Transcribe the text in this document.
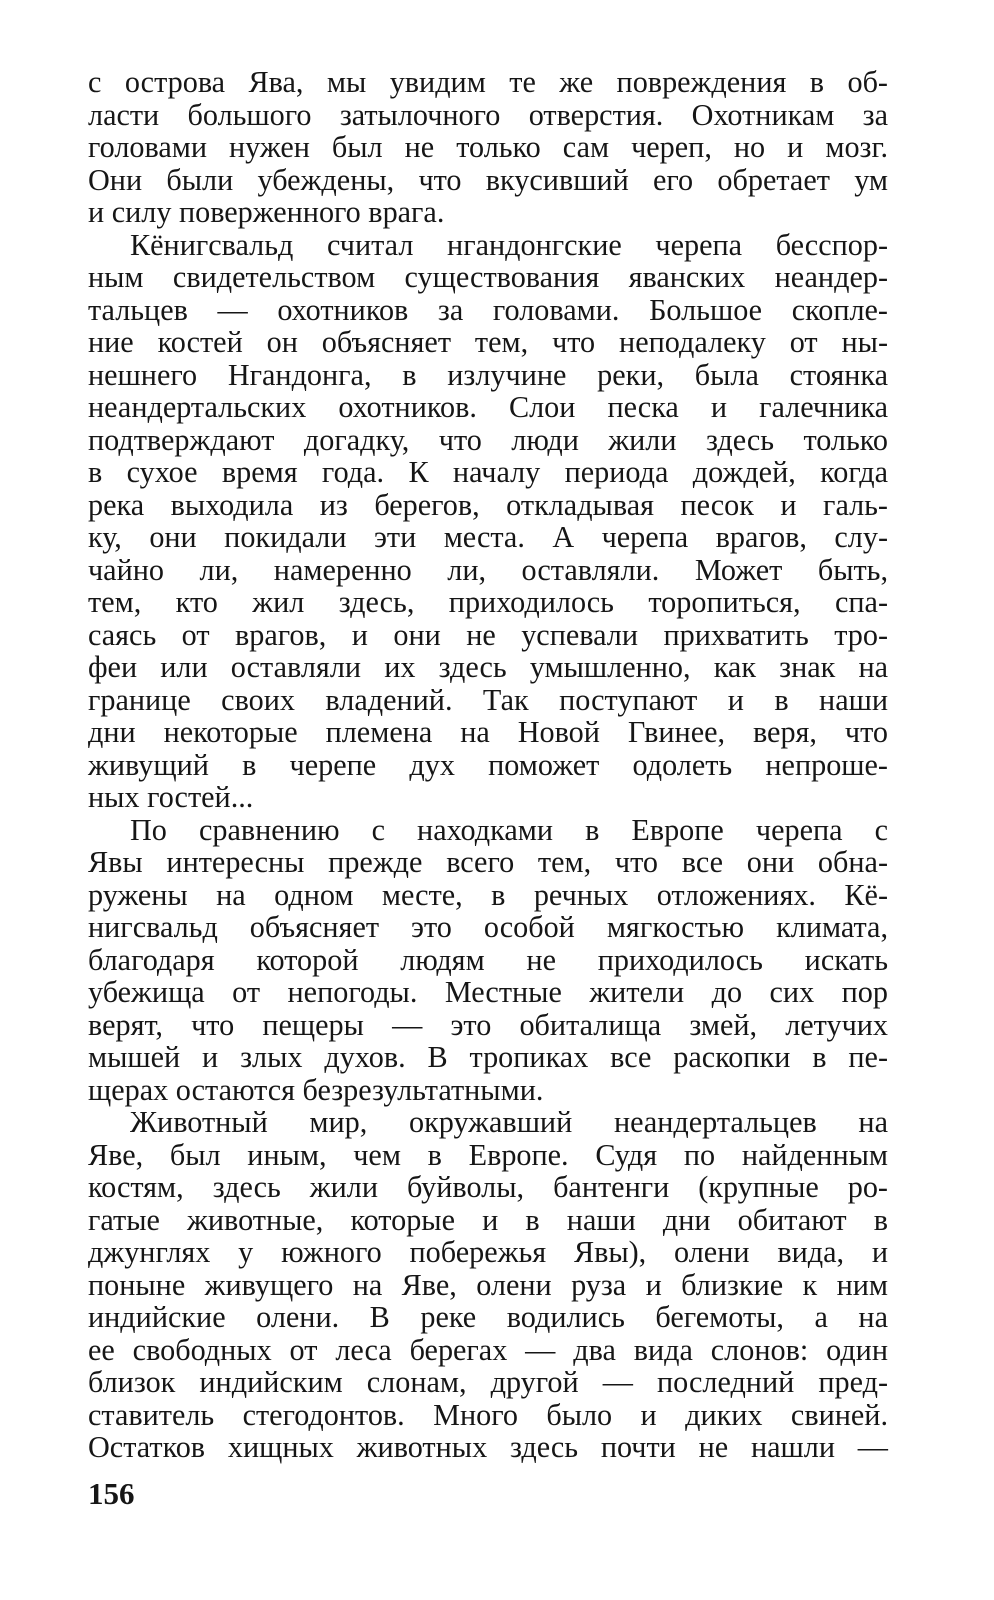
с острова Ява, мы увидим те же повреждения в об-
ласти большого затылочного отверстия. Охотникам за
головами нужен был не только сам череп, но и мозг.
Они были убеждены, что вкусивший его обретает ум
и силу поверженного врага.
Кёнигсвальд считал нгандонгские черепа бесспор-
ным свидетельством существования яванских неандер-
тальцев — охотников за головами. Большое скопле-
ние костей он объясняет тем, что неподалеку от ны-
нешнего Нгандонга, в излучине реки, была стоянка
неандертальских охотников. Слои песка и галечника
подтверждают догадку, что люди жили здесь только
в сухое время года. К началу периода дождей, когда
река выходила из берегов, откладывая песок и галь-
ку, они покидали эти места. А черепа врагов, слу-
чайно ли, намеренно ли, оставляли. Может быть,
тем, кто жил здесь, приходилось торопиться, спа-
саясь от врагов, и они не успевали прихватить тро-
феи или оставляли их здесь умышленно, как знак на
границе своих владений. Так поступают и в наши
дни некоторые племена на Новой Гвинее, веря, что
живущий в черепе дух поможет одолеть непроше-
ных гостей...
По сравнению с находками в Европе черепа с
Явы интересны прежде всего тем, что все они обна-
ружены на одном месте, в речных отложениях. Кё-
нигсвальд объясняет это особой мягкостью климата,
благодаря которой людям не приходилось искать
убежища от непогоды. Местные жители до сих пор
верят, что пещеры — это обиталища змей, летучих
мышей и злых духов. В тропиках все раскопки в пе-
щерах остаются безрезультатными.
Животный мир, окружавший неандертальцев на
Яве, был иным, чем в Европе. Судя по найденным
костям, здесь жили буйволы, бантенги (крупные ро-
гатые животные, которые и в наши дни обитают в
джунглях у южного побережья Явы), олени вида, и
поныне живущего на Яве, олени руза и близкие к ним
индийские олени. В реке водились бегемоты, а на
ее свободных от леса берегах — два вида слонов: один
близок индийским слонам, другой — последний пред-
ставитель стегодонтов. Много было и диких свиней.
Остатков хищных животных здесь почти не нашли —
156
